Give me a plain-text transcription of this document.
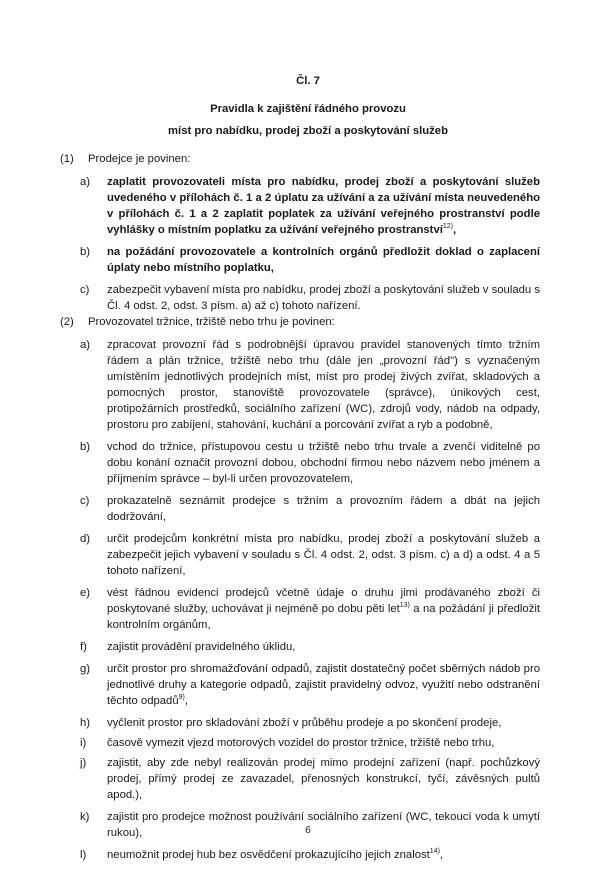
Čl. 7
Pravidla k zajištění řádného provozu
míst pro nabídku, prodej zboží a poskytování služeb
(1)	Prodejce je povinen:
a) zaplatit provozovateli místa pro nabídku, prodej zboží a poskytování služeb uvedeného v přílohách č. 1 a 2 úplatu za užívání a za užívání místa neuvedeného v přílohách č. 1 a 2 zaplatit poplatek za užívání veřejného prostranství podle vyhlášky o místním poplatku za užívání veřejného prostranství$^{12)}$,
b) na požádání provozovatele a kontrolních orgánů předložit doklad o zaplacení úplaty nebo místního poplatku,
c) zabezpečit vybavení místa pro nabídku, prodej zboží a poskytování služeb v souladu s Čl. 4 odst. 2, odst. 3 písm. a) až c) tohoto nařízení.
(2)	Provozovatel tržnice, tržiště nebo trhu je povinen:
a) zpracovat provozní řád s podrobnější úpravou pravidel stanovených tímto tržním řádem a plán tržnice, tržiště nebo trhu (dále jen „provozní řád") s vyznačeným umístěním jednotlivých prodejních míst, míst pro prodej živých zvířat, skladových a pomocných prostor, stanoviště provozovatele (správce), únikových cest, protipožárních prostředků, sociálního zařízení (WC), zdrojů vody, nádob na odpady, prostoru pro zabíjení, stahování, kuchání a porcování zvířat a ryb a podobně,
b) vchod do tržnice, přístupovou cestu u tržiště nebo trhu trvale a zvenčí viditelně po dobu konání označit provozní dobou, obchodní firmou nebo názvem nebo jménem a příjmením správce – byl-li určen provozovatelem,
c) prokazatelně seznámit prodejce s tržním a provozním řádem a dbát na jejich dodržování,
d) určit prodejcům konkrétní místa pro nabídku, prodej zboží a poskytování služeb a zabezpečit jejich vybavení v souladu s Čl. 4 odst. 2, odst. 3 písm. c) a d) a odst. 4 a 5 tohoto nařízení,
e) vést řádnou evidenci prodejců včetně údaje o druhu jimi prodávaného zboží či poskytované služby, uchovávat ji nejméně po dobu pěti let$^{13)}$ a na požádání ji předložit kontrolním orgánům,
f) zajistit provádění pravidelného úklidu,
g) určit prostor pro shromažďování odpadů, zajistit dostatečný počet sběrných nádob pro jednotlivé druhy a kategorie odpadů, zajistit pravidelný odvoz, využití nebo odstranění těchto odpadů$^{9)}$,
h) vyčlenit prostor pro skladování zboží v průběhu prodeje a po skončení prodeje,
i) časově vymezit vjezd motorových vozidel do prostor tržnice, tržiště nebo trhu,
j) zajistit, aby zde nebyl realizován prodej mimo prodejní zařízení (např. pochůzkový prodej, přímý prodej ze zavazadel, přenosných konstrukcí, tyčí, závěsných pultů apod.),
k) zajistit pro prodejce možnost používání sociálního zařízení (WC, tekoucí voda k umytí rukou),
l) neumožnit prodej hub bez osvědčení prokazujícího jejich znalost$^{14)}$,
6
